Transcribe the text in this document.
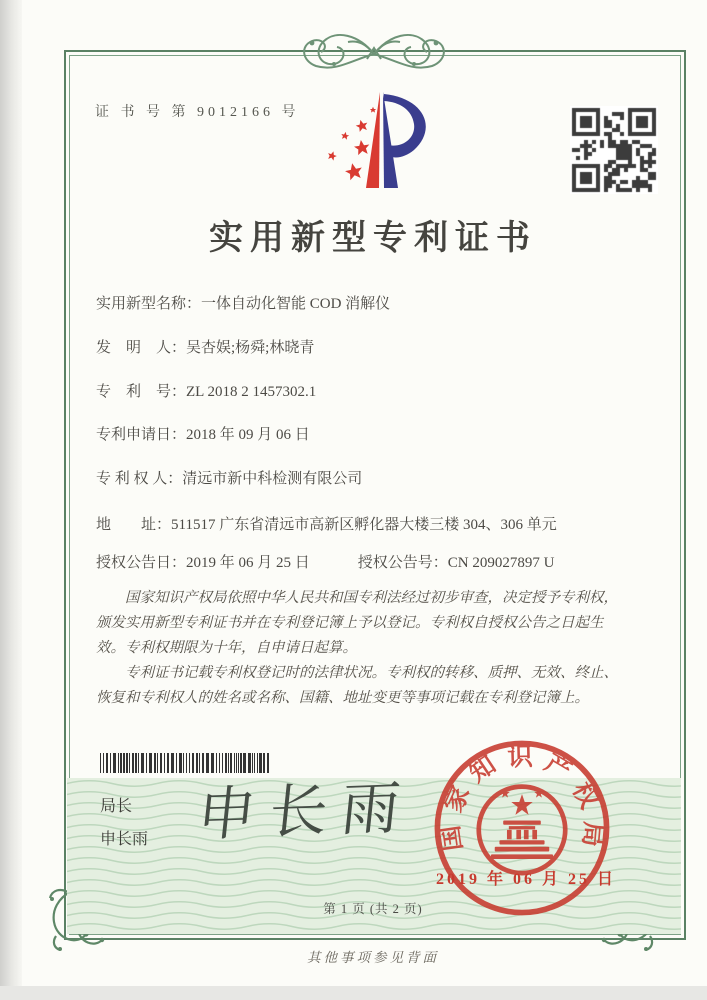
证 书 号 第 9012166 号
实用新型专利证书
实用新型名称： 一体自动化智能 COD 消解仪
发　明　人： 吴杏娱;杨舜;林晓青
专　利　号： ZL 2018 2 1457302.1
专利申请日： 2018 年 09 月 06 日
专 利 权 人： 清远市新中科检测有限公司
地　　址： 511517 广东省清远市高新区孵化器大楼三楼 304、306 单元
授权公告日： 2019 年 06 月 25 日	授权公告号：CN 209027897 U

国家知识产权局依照中华人民共和国专利法经过初步审查，决定授予专利权，颁发实用新型专利证书并在专利登记簿上予以登记。专利权自授权公告之日起生效。专利权期限为十年，自申请日起算。

专利证书记载专利权登记时的法律状况。专利权的转移、质押、无效、终止、恢复和专利权人的姓名或名称、国籍、地址变更等事项记载在专利登记簿上。

局长
申长雨 申长雨 国家知识产权局
2019 年 06 月 25 日
第 1 页 (共 2 页)
其他事项参见背面
